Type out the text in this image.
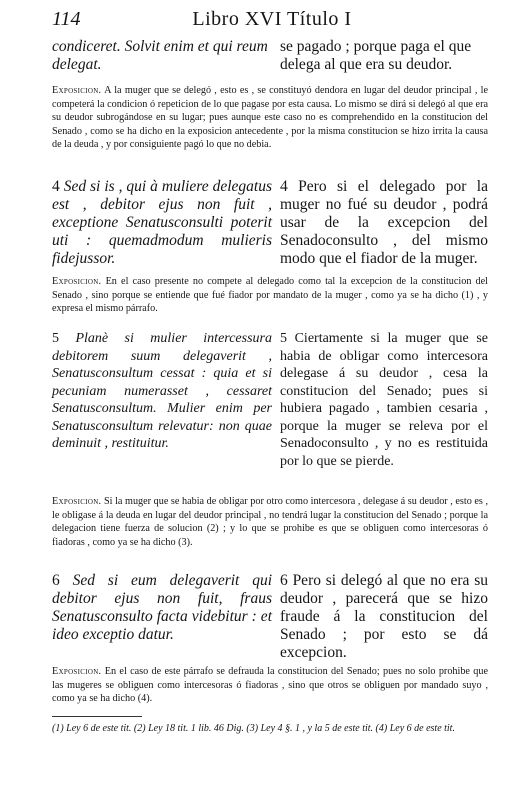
114	Libro XVI Título I
condiceret. Solvit enim et qui reum delegat.
se pagado ; porque paga el que delega al que era su deudor.
Exposicion. A la muger que se delegó , esto es , se constituyó dendora en lugar del deudor principal , le competerá la condicion ó repeticion de lo que pagase por esta causa. Lo mismo se dirá si delegó al que era su deudor subrogándose en su lugar; pues aunque este caso no es comprehendido en la constitucion del Senado , como se ha dicho en la exposicion antecedente , por la misma constitucion se hizo irrita la causa de la deuda , y por consiguiente pagó lo que no debia.
4 Sed si is , qui à muliere delegatus est , debitor ejus non fuit , exceptione Senatusconsulti poterit uti : quemadmodum mulieris fidejussor.
4 Pero si el delegado por la muger no fué su deudor , podrá usar de la excepcion del Senadoconsulto , del mismo modo que el fiador de la muger.
Exposicion. En el caso presente no compete al delegado como tal la excepcion de la constitucion del Senado , sino porque se entiende que fué fiador por mandato de la muger , como ya se ha dicho (1) , y expresa el mismo párrafo.
5 Planè si mulier intercessura debitorem suum delegaverit , Senatusconsultum cessat : quia et si pecuniam numerasset , cessaret Senatusconsultum. Mulier enim per Senatusconsultum relevatur: non quae deminuit , restituitur.
5 Ciertamente si la muger que se habia de obligar como intercesora delegase á su deudor , cesa la constitucion del Senado; pues si hubiera pagado , tambien cesaria , porque la muger se releva por el Senadoconsulto , y no es restituida por lo que se pierde.
Exposicion. Si la muger que se habia de obligar por otro como intercesora , delegase á su deudor , esto es , le obligase á la deuda en lugar del deudor principal , no tendrá lugar la constitucion del Senado ; porque la delegacion tiene fuerza de solucion (2) ; y lo que se prohibe es que se obliguen como intercesoras ó fiadoras , como ya se ha dicho (3).
6 Sed si eum delegaverit qui debitor ejus non fuit, fraus Senatusconsulto facta videbitur : et ideo exceptio datur.
6 Pero si delegó al que no era su deudor , parecerá que se hizo fraude á la constitucion del Senado ; por esto se dá excepcion.
Exposicion. En el caso de este párrafo se defrauda la constitucion del Senado; pues no solo prohibe que las mugeres se obliguen como intercesoras ó fiadoras , sino que otros se obliguen por mandado suyo , como ya se ha dicho (4).
(1) Ley 6 de este tit. (2) Ley 18 tit. 1 lib. 46 Dig. (3) Ley 4 §. 1 , y la 5 de este tit. (4) Ley 6 de este tit.
